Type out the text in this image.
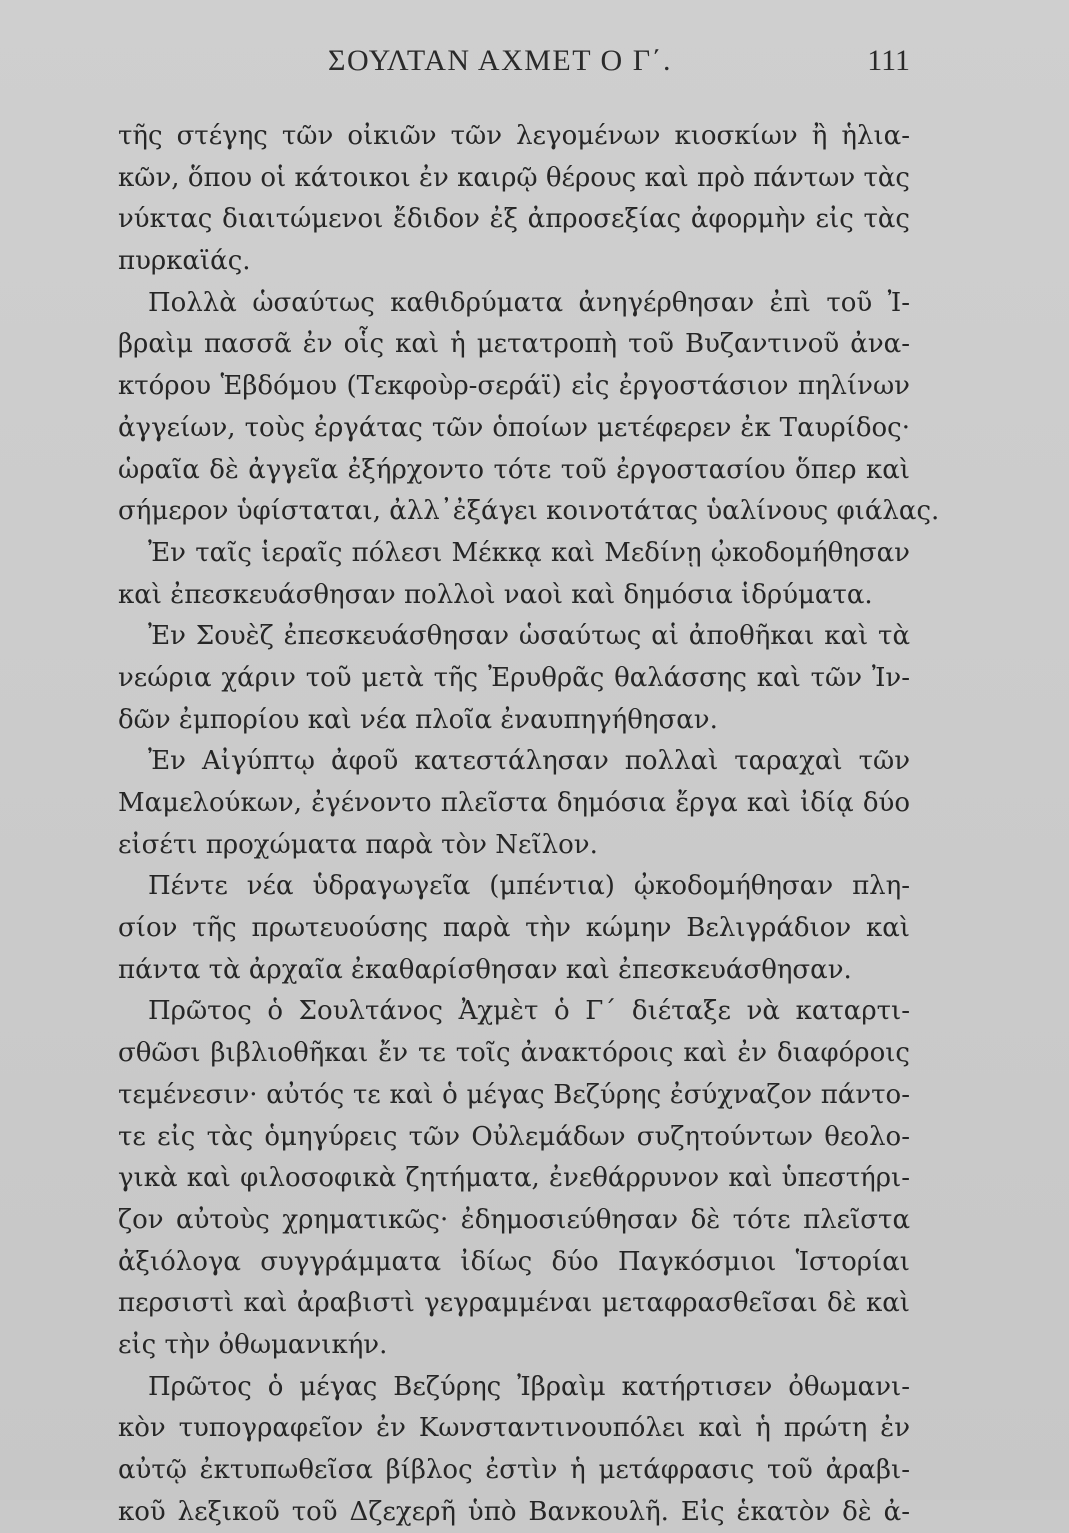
ΣΟΥΛΤΑΝ ΑΧΜΕΤ Ο Γ΄.	111
τῆς στέγης τῶν οἰκιῶν τῶν λεγομένων κιοσκίων ἢ ἡλια-
κῶν, ὅπου οἱ κάτοικοι ἐν καιρῷ θέρους καὶ πρὸ πάντων τὰς
νύκτας διαιτώμενοι ἔδιδον ἐξ ἀπροσεξίας ἀφορμὴν εἰς τὰς
πυρκαϊάς.
Πολλὰ ὡσαύτως καθιδρύματα ἀνηγέρθησαν ἐπὶ τοῦ Ἰ-
βραὶμ πασσᾶ ἐν οἷς καὶ ἡ μετατροπὴ τοῦ Βυζαντινοῦ ἀνα-
κτόρου Ἑβδόμου (Τεκφοὺρ-σεράϊ) εἰς ἐργοστάσιον πηλίνων
ἀγγείων, τοὺς ἐργάτας τῶν ὁποίων μετέφερεν ἐκ Ταυρίδος·
ὡραῖα δὲ ἀγγεῖα ἐξήρχοντο τότε τοῦ ἐργοστασίου ὅπερ καὶ
σήμερον ὑφίσταται, ἀλλ᾽ἐξάγει κοινοτάτας ὑαλίνους φιάλας.
Ἐν ταῖς ἱεραῖς πόλεσι Μέκκᾳ καὶ Μεδίνῃ ᾠκοδομήθησαν
καὶ ἐπεσκευάσθησαν πολλοὶ ναοὶ καὶ δημόσια ἱδρύματα.
Ἐν Σουὲζ ἐπεσκευάσθησαν ὡσαύτως αἱ ἀποθῆκαι καὶ τὰ
νεώρια χάριν τοῦ μετὰ τῆς Ἐρυθρᾶς θαλάσσης καὶ τῶν Ἰν-
δῶν ἐμπορίου καὶ νέα πλοῖα ἐναυπηγήθησαν.
Ἐν Αἰγύπτῳ ἀφοῦ κατεστάλησαν πολλαὶ ταραχαὶ τῶν
Μαμελούκων, ἐγένοντο πλεῖστα δημόσια ἔργα καὶ ἰδίᾳ δύο
εἰσέτι προχώματα παρὰ τὸν Νεῖλον.
Πέντε νέα ὑδραγωγεῖα (μπέντια) ᾠκοδομήθησαν πλη-
σίον τῆς πρωτευούσης παρὰ τὴν κώμην Βελιγράδιον καὶ
πάντα τὰ ἀρχαῖα ἐκαθαρίσθησαν καὶ ἐπεσκευάσθησαν.
Πρῶτος ὁ Σουλτάνος Ἀχμὲτ ὁ Γ΄ διέταξε νὰ καταρτι-
σθῶσι βιβλιοθῆκαι ἔν τε τοῖς ἀνακτόροις καὶ ἐν διαφόροις
τεμένεσιν· αὐτός τε καὶ ὁ μέγας Βεζύρης ἐσύχναζον πάντο-
τε εἰς τὰς ὁμηγύρεις τῶν Οὐλεμάδων συζητούντων θεολο-
γικὰ καὶ φιλοσοφικὰ ζητήματα, ἐνεθάρρυνον καὶ ὑπεστήρι-
ζον αὐτοὺς χρηματικῶς· ἐδημοσιεύθησαν δὲ τότε πλεῖστα
ἀξιόλογα συγγράμματα ἰδίως δύο Παγκόσμιοι Ἱστορίαι
περσιστὶ καὶ ἀραβιστὶ γεγραμμέναι μεταφρασθεῖσαι δὲ καὶ
εἰς τὴν ὀθωμανικήν.
Πρῶτος ὁ μέγας Βεζύρης Ἰβραὶμ κατήρτισεν ὀθωμανι-
κὸν τυπογραφεῖον ἐν Κωνσταντινουπόλει καὶ ἡ πρώτη ἐν
αὐτῷ ἐκτυπωθεῖσα βίβλος ἐστὶν ἡ μετάφρασις τοῦ ἀραβι-
κοῦ λεξικοῦ τοῦ Δζεχερῆ ὑπὸ Βανκουλῆ. Εἰς ἑκατὸν δὲ ἀ-
